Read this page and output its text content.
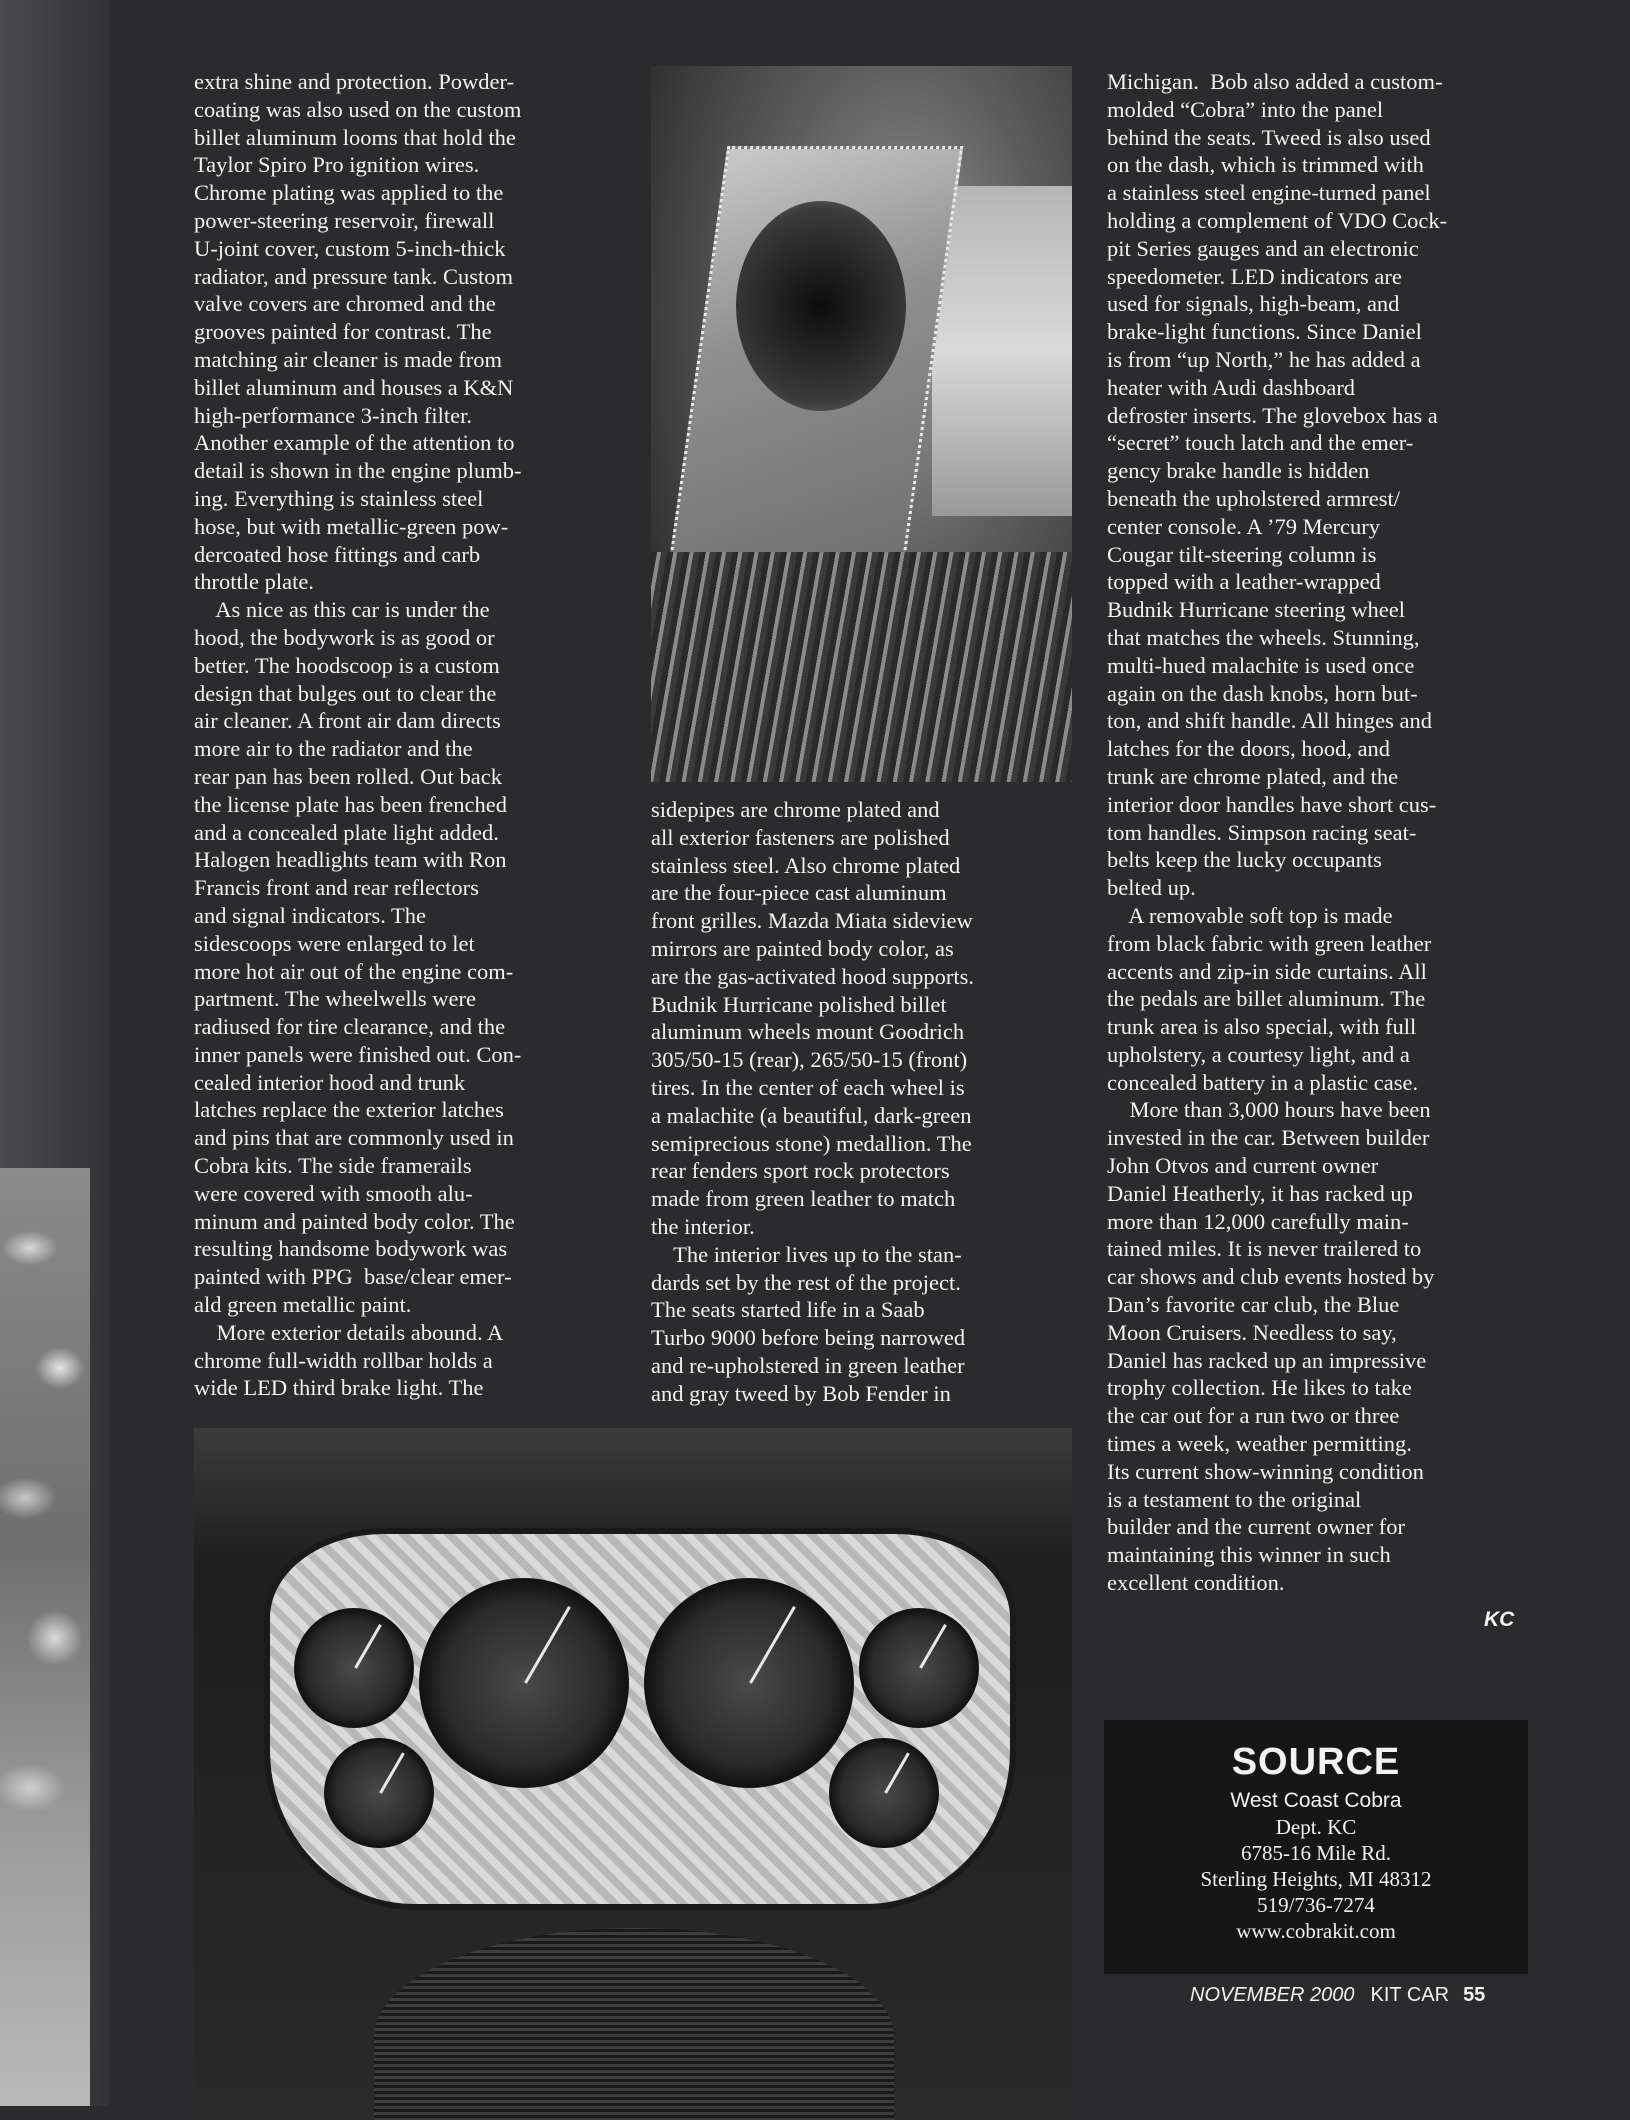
extra shine and protection. Powder-
coating was also used on the custom
billet aluminum looms that hold the
Taylor Spiro Pro ignition wires.
Chrome plating was applied to the
power-steering reservoir, firewall
U-joint cover, custom 5-inch-thick
radiator, and pressure tank. Custom
valve covers are chromed and the
grooves painted for contrast. The
matching air cleaner is made from
billet aluminum and houses a K&N
high-performance 3-inch filter.
Another example of the attention to
detail is shown in the engine plumb-
ing. Everything is stainless steel
hose, but with metallic-green pow-
dercoated hose fittings and carb
throttle plate.
As nice as this car is under the
hood, the bodywork is as good or
better. The hoodscoop is a custom
design that bulges out to clear the
air cleaner. A front air dam directs
more air to the radiator and the
rear pan has been rolled. Out back
the license plate has been frenched
and a concealed plate light added.
Halogen headlights team with Ron
Francis front and rear reflectors
and signal indicators. The
sidescoops were enlarged to let
more hot air out of the engine com-
partment. The wheelwells were
radiused for tire clearance, and the
inner panels were finished out. Con-
cealed interior hood and trunk
latches replace the exterior latches
and pins that are commonly used in
Cobra kits. The side framerails
were covered with smooth alu-
minum and painted body color. The
resulting handsome bodywork was
painted with PPG  base/clear emer-
ald green metallic paint.
More exterior details abound. A
chrome full-width rollbar holds a
wide LED third brake light. The
sidepipes are chrome plated and
all exterior fasteners are polished
stainless steel. Also chrome plated
are the four-piece cast aluminum
front grilles. Mazda Miata sideview
mirrors are painted body color, as
are the gas-activated hood supports.
Budnik Hurricane polished billet
aluminum wheels mount Goodrich
305/50-15 (rear), 265/50-15 (front)
tires. In the center of each wheel is
a malachite (a beautiful, dark-green
semiprecious stone) medallion. The
rear fenders sport rock protectors
made from green leather to match
the interior.
The interior lives up to the stan-
dards set by the rest of the project.
The seats started life in a Saab
Turbo 9000 before being narrowed
and re-upholstered in green leather
and gray tweed by Bob Fender in
Michigan.  Bob also added a custom-
molded “Cobra” into the panel
behind the seats. Tweed is also used
on the dash, which is trimmed with
a stainless steel engine-turned panel
holding a complement of VDO Cock-
pit Series gauges and an electronic
speedometer. LED indicators are
used for signals, high-beam, and
brake-light functions. Since Daniel
is from “up North,” he has added a
heater with Audi dashboard
defroster inserts. The glovebox has a
“secret” touch latch and the emer-
gency brake handle is hidden
beneath the upholstered armrest/
center console. A ’79 Mercury
Cougar tilt-steering column is
topped with a leather-wrapped
Budnik Hurricane steering wheel
that matches the wheels. Stunning,
multi-hued malachite is used once
again on the dash knobs, horn but-
ton, and shift handle. All hinges and
latches for the doors, hood, and
trunk are chrome plated, and the
interior door handles have short cus-
tom handles. Simpson racing seat-
belts keep the lucky occupants
belted up.
A removable soft top is made
from black fabric with green leather
accents and zip-in side curtains. All
the pedals are billet aluminum. The
trunk area is also special, with full
upholstery, a courtesy light, and a
concealed battery in a plastic case.
More than 3,000 hours have been
invested in the car. Between builder
John Otvos and current owner
Daniel Heatherly, it has racked up
more than 12,000 carefully main-
tained miles. It is never trailered to
car shows and club events hosted by
Dan’s favorite car club, the Blue
Moon Cruisers. Needless to say,
Daniel has racked up an impressive
trophy collection. He likes to take
the car out for a run two or three
times a week, weather permitting.
Its current show-winning condition
is a testament to the original
builder and the current owner for
maintaining this winner in such
excellent condition.
KC
SOURCE
West Coast Cobra
Dept. KC
6785-16 Mile Rd.
Sterling Heights, MI 48312
519/736-7274
www.cobrakit.com
NOVEMBER 2000 KIT CAR 55
